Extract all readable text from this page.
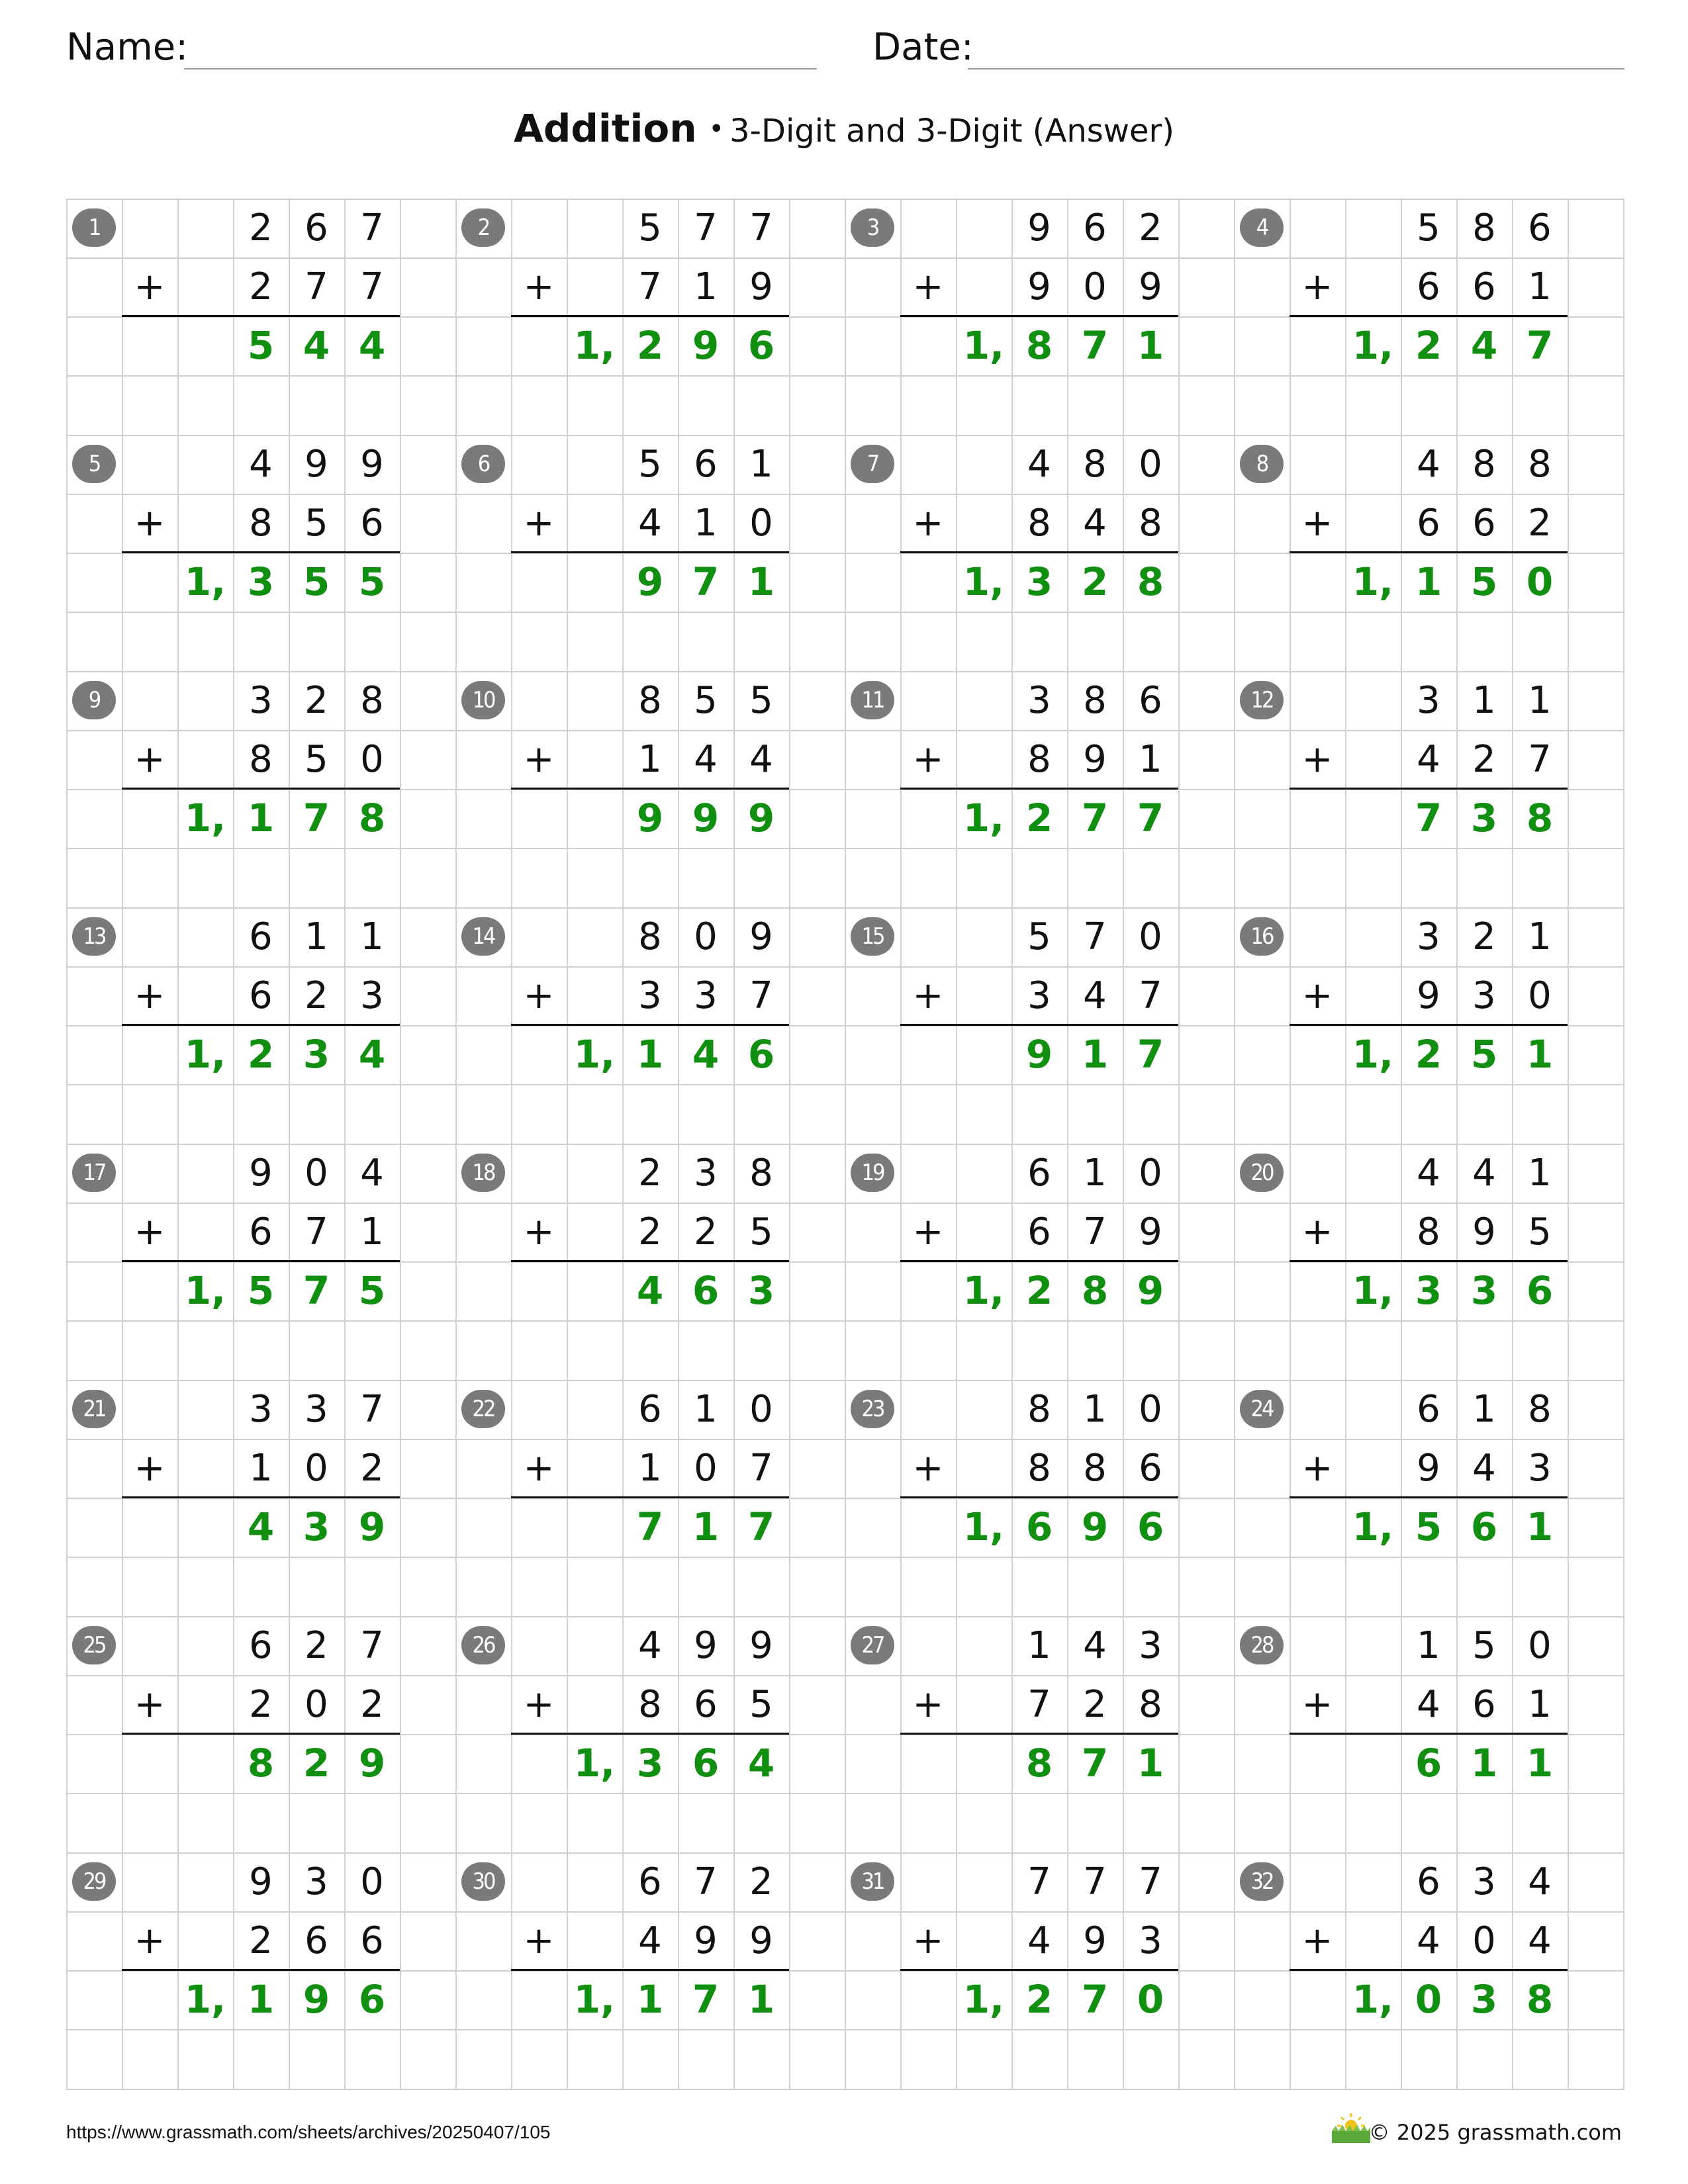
Name:	Date:
Addition • 3-Digit and 3-Digit (Answer)
1	2 6 7
2 7 7
+
5 4 4
2	5 7 7
7 1 9
+
1, 2 9 6
3	9 6 2
9 0 9
+
1, 8 7 1
4	5 8 6
6 6 1
+
1, 2 4 7
5	4 9 9
8 5 6
+
1, 3 5 5
6	5 6 1
4 1 0
+
9 7 1
7	4 8 0
8 4 8
+
1, 3 2 8
8	4 8 8
6 6 2
+
1, 1 5 0
9	3 2 8
8 5 0
+
1, 1 7 8
10	8 5 5
1 4 4
+
9 9 9
11	3 8 6
8 9 1
+
1, 2 7 7
12	3 1 1
4 2 7
+
7 3 8
13	6 1 1
6 2 3
+
1, 2 3 4
14	8 0 9
3 3 7
+
1, 1 4 6
15	5 7 0
3 4 7
+
9 1 7
16	3 2 1
9 3 0
+
1, 2 5 1
17	9 0 4
6 7 1
+
1, 5 7 5
18	2 3 8
2 2 5
+
4 6 3
19	6 1 0
6 7 9
+
1, 2 8 9
20	4 4 1
8 9 5
+
1, 3 3 6
21	3 3 7
1 0 2
+
4 3 9
22	6 1 0
1 0 7
+
7 1 7
23	8 1 0
8 8 6
+
1, 6 9 6
24	6 1 8
9 4 3
+
1, 5 6 1
25	6 2 7
2 0 2
+
8 2 9
26	4 9 9
8 6 5
+
1, 3 6 4
27	1 4 3
7 2 8
+
8 7 1
28	1 5 0
4 6 1
+
6 1 1
29	9 3 0
2 6 6
+
1, 1 9 6
30	6 7 2
4 9 9
+
1, 1 7 1
31	7 7 7
4 9 3
+
1, 2 7 0
32	6 3 4
4 0 4
+
1, 0 3 8
https://www.grassmath.com/sheets/archives/20250407/105	© 2025 grassmath.com
